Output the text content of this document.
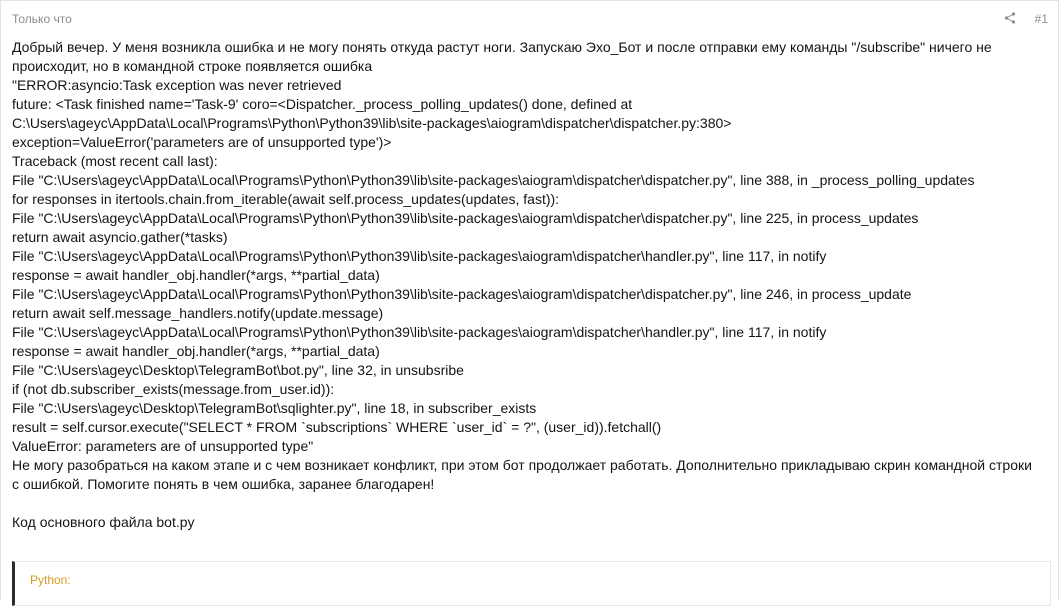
Только что	#1
Добрый вечер. У меня возникла ошибка и не могу понять откуда растут ноги. Запускаю Эхо_Бот и после отправки ему команды "/subscribe" ничего не происходит, но в командной строке появляется ошибка
"ERROR:asyncio:Task exception was never retrieved
future: <Task finished name='Task-9' coro=<Dispatcher._process_polling_updates() done, defined at
C:\Users\ageyc\AppData\Local\Programs\Python\Python39\lib\site-packages\aiogram\dispatcher\dispatcher.py:380>
exception=ValueError('parameters are of unsupported type')>
Traceback (most recent call last):
File "C:\Users\ageyc\AppData\Local\Programs\Python\Python39\lib\site-packages\aiogram\dispatcher\dispatcher.py", line 388, in _process_polling_updates
for responses in itertools.chain.from_iterable(await self.process_updates(updates, fast)):
File "C:\Users\ageyc\AppData\Local\Programs\Python\Python39\lib\site-packages\aiogram\dispatcher\dispatcher.py", line 225, in process_updates
return await asyncio.gather(*tasks)
File "C:\Users\ageyc\AppData\Local\Programs\Python\Python39\lib\site-packages\aiogram\dispatcher\handler.py", line 117, in notify
response = await handler_obj.handler(*args, **partial_data)
File "C:\Users\ageyc\AppData\Local\Programs\Python\Python39\lib\site-packages\aiogram\dispatcher\dispatcher.py", line 246, in process_update
return await self.message_handlers.notify(update.message)
File "C:\Users\ageyc\AppData\Local\Programs\Python\Python39\lib\site-packages\aiogram\dispatcher\handler.py", line 117, in notify
response = await handler_obj.handler(*args, **partial_data)
File "C:\Users\ageyc\Desktop\TelegramBot\bot.py", line 32, in unsubsribe
if (not db.subscriber_exists(message.from_user.id)):
File "C:\Users\ageyc\Desktop\TelegramBot\sqlighter.py", line 18, in subscriber_exists
result = self.cursor.execute("SELECT * FROM `subscriptions` WHERE `user_id` = ?", (user_id)).fetchall()
ValueError: parameters are of unsupported type"
Не могу разобраться на каком этапе и с чем возникает конфликт, при этом бот продолжает работать. Дополнительно прикладываю скрин командной строки с ошибкой. Помогите понять в чем ошибка, заранее благодарен!
Код основного файла bot.py
Python:
